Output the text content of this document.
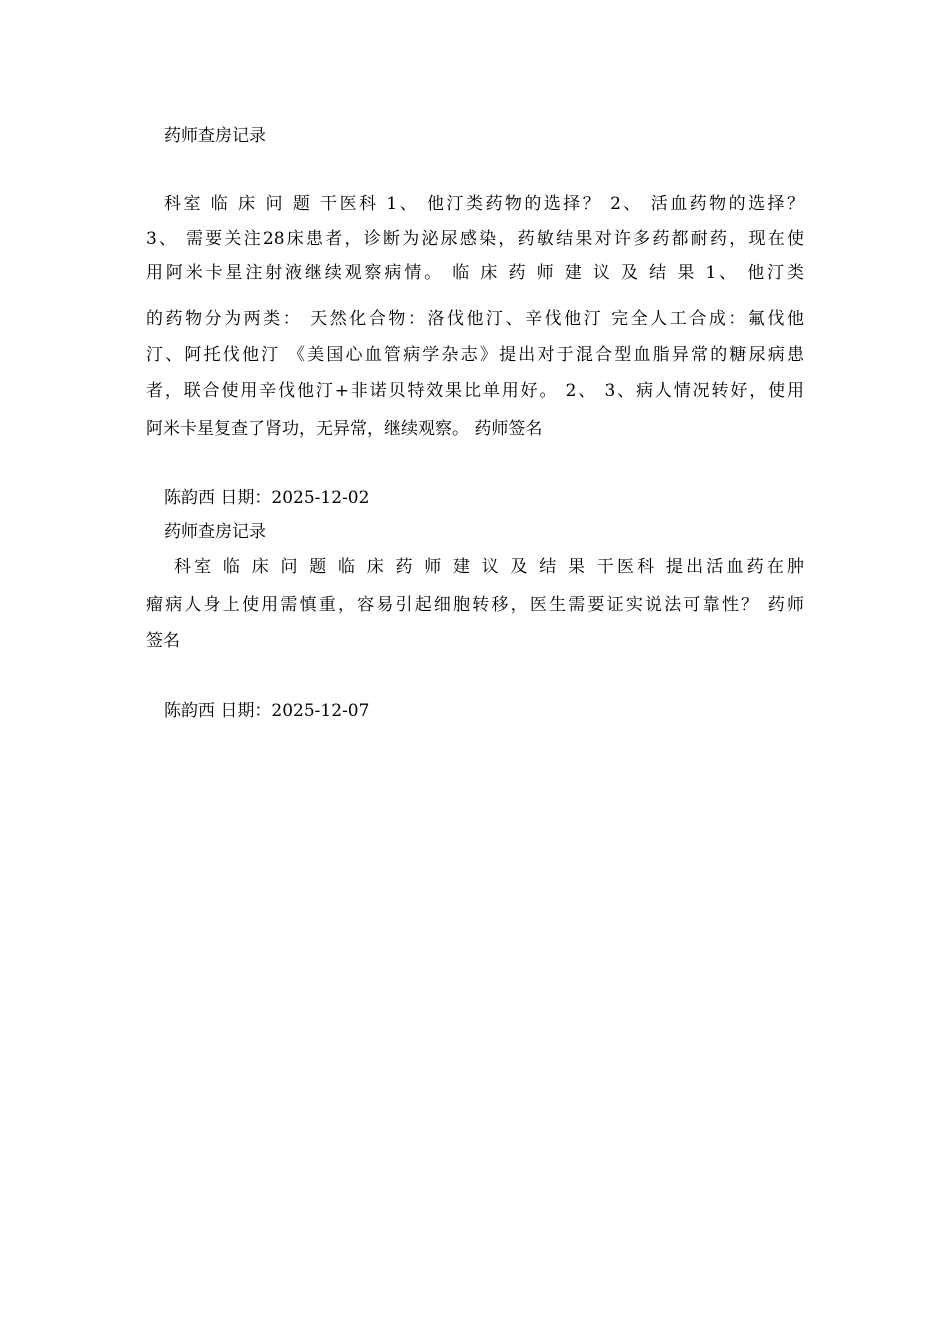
药师查房记录
科室 临 床 问 题 干医科 1、 他汀类药物的选择？ 2、 活血药物的选择？
3、 需要关注28床患者，诊断为泌尿感染，药敏结果对许多药都耐药，现在使
用阿米卡星注射液继续观察病情。 临 床 药 师 建 议 及 结 果 1、 他汀类
的药物分为两类： 天然化合物：洛伐他汀、辛伐他汀 完全人工合成：氟伐他
汀、阿托伐他汀 《美国心血管病学杂志》提出对于混合型血脂异常的糖尿病患
者，联合使用辛伐他汀+非诺贝特效果比单用好。 2、 3、病人情况转好，使用
阿米卡星复查了肾功，无异常，继续观察。 药师签名
陈韵西 日期：2025-12-02
药师查房记录
科室 临 床 问 题 临 床 药 师 建 议 及 结 果 干医科 提出活血药在肿
瘤病人身上使用需慎重，容易引起细胞转移，医生需要证实说法可靠性？ 药师
签名
陈韵西 日期：2025-12-07
